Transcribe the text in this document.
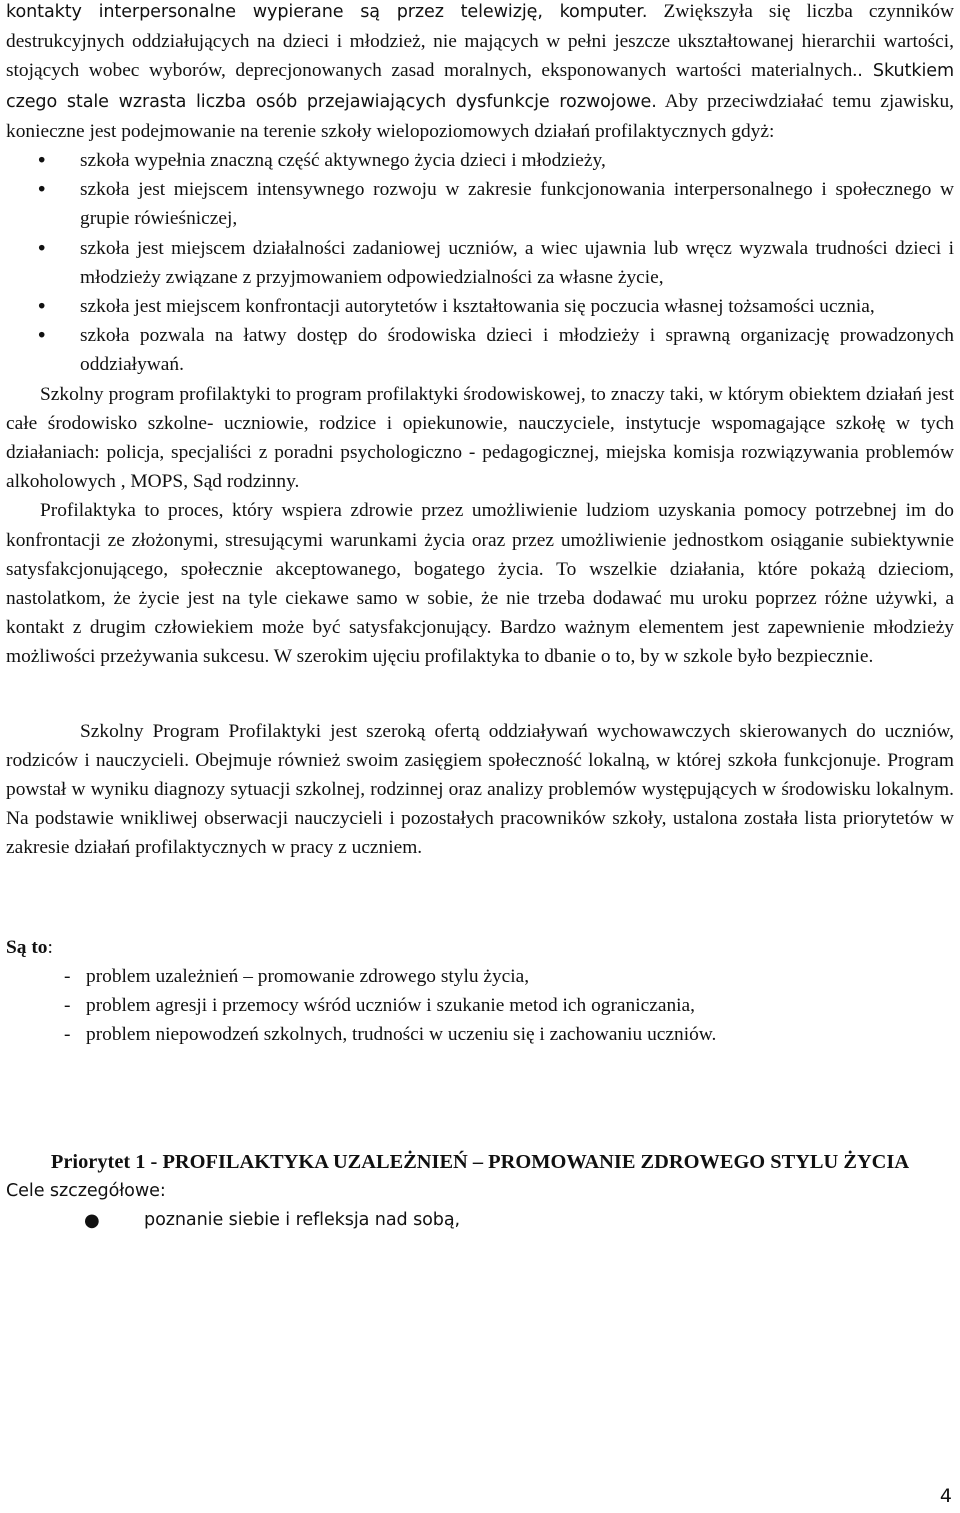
kontakty interpersonalne wypierane są przez telewizję, komputer. Zwiększyła się liczba czynników destrukcyjnych oddziałujących na dzieci i młodzież, nie mających w pełni jeszcze ukształtowanej hierarchii wartości, stojących wobec wyborów, deprecjonowanych zasad moralnych, eksponowanych wartości materialnych.. Skutkiem czego stale wzrasta liczba osób przejawiających dysfunkcje rozwojowe. Aby przeciwdziałać temu zjawisku, konieczne jest podejmowanie na terenie szkoły wielopoziomowych działań profilaktycznych gdyż:

• szkoła wypełnia znaczną część aktywnego życia dzieci i młodzieży,
• szkoła jest miejscem intensywnego rozwoju w zakresie funkcjonowania interpersonalnego i społecznego w grupie rówieśniczej,
• szkoła jest miejscem działalności zadaniowej uczniów, a wiec ujawnia lub wręcz wyzwala trudności dzieci i młodzieży związane z przyjmowaniem odpowiedzialności za własne życie,
• szkoła jest miejscem konfrontacji autorytetów i kształtowania się poczucia własnej tożsamości ucznia,
• szkoła pozwala na łatwy dostęp do środowiska dzieci i młodzieży i sprawną organizację prowadzonych oddziaływań.

Szkolny program profilaktyki to program profilaktyki środowiskowej, to znaczy taki, w którym obiektem działań jest całe środowisko szkolne- uczniowie, rodzice i opiekunowie, nauczyciele, instytucje wspomagające szkołę w tych działaniach: policja, specjaliści z poradni psychologiczno - pedagogicznej, miejska komisja rozwiązywania problemów alkoholowych , MOPS, Sąd rodzinny.

Profilaktyka to proces, który wspiera zdrowie przez umożliwienie ludziom uzyskania pomocy potrzebnej im do konfrontacji ze złożonymi, stresującymi warunkami życia oraz przez umożliwienie jednostkom osiąganie subiektywnie satysfakcjonującego, społecznie akceptowanego, bogatego życia. To wszelkie działania, które pokażą dzieciom, nastolatkom, że życie jest na tyle ciekawe samo w sobie, że nie trzeba dodawać mu uroku poprzez różne używki, a kontakt z drugim człowiekiem może być satysfakcjonujący. Bardzo ważnym elementem jest zapewnienie młodzieży możliwości przeżywania sukcesu. W szerokim ujęciu profilaktyka to dbanie o to, by w szkole było bezpiecznie.

Szkolny Program Profilaktyki jest szeroką ofertą oddziaływań wychowawczych skierowanych do uczniów, rodziców i nauczycieli. Obejmuje również swoim zasięgiem społeczność lokalną, w której szkoła funkcjonuje. Program powstał w wyniku diagnozy sytuacji szkolnej, rodzinnej oraz analizy problemów występujących w środowisku lokalnym. Na podstawie wnikliwej obserwacji nauczycieli i pozostałych pracowników szkoły, ustalona została lista priorytetów w zakresie działań profilaktycznych w pracy z uczniem.

Są to:

- problem uzależnień – promowanie zdrowego stylu życia,
- problem agresji i przemocy wśród uczniów i szukanie metod ich ograniczania,
- problem niepowodzeń szkolnych, trudności w uczeniu się i zachowaniu uczniów.

Priorytet 1 - PROFILAKTYKA UZALEŻNIEŃ – PROMOWANIE ZDROWEGO STYLU ŻYCIA

Cele szczegółowe:

●	poznanie siebie i refleksja nad sobą,
4
